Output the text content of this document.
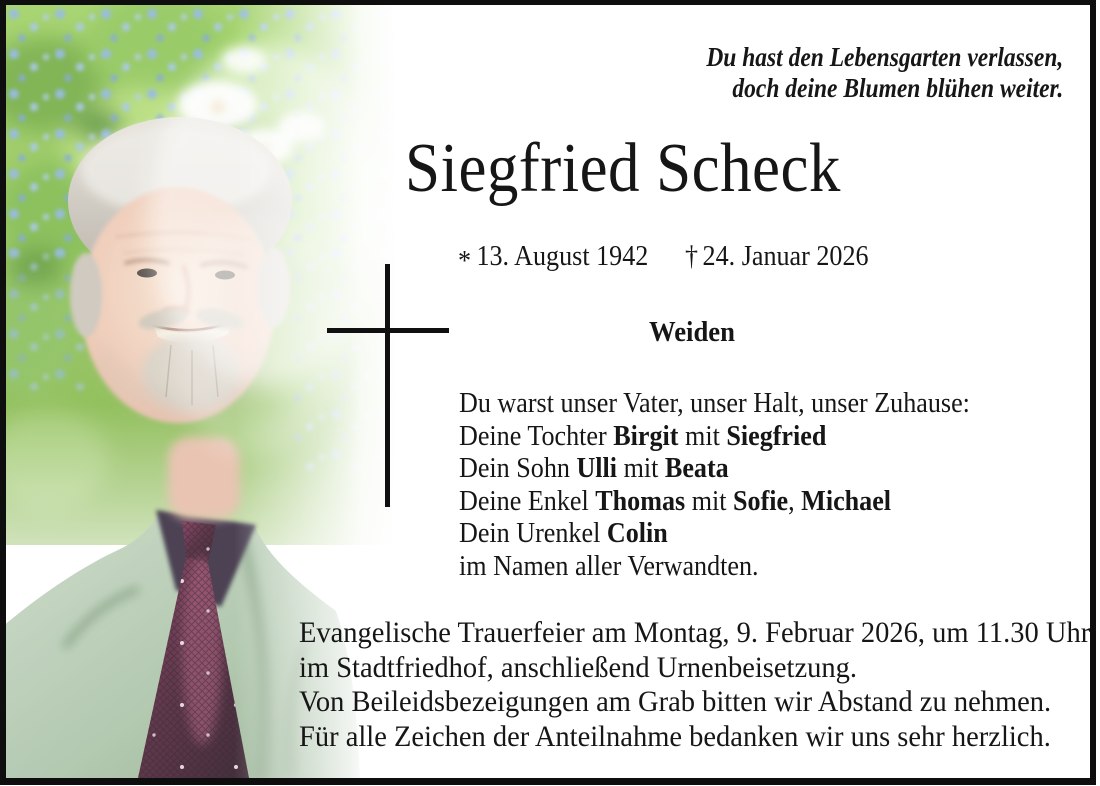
Du hast den Lebensgarten verlassen,
doch deine Blumen blühen weiter.
Siegfried Scheck
* 13. August 1942 † 24. Januar 2026
Weiden
Du warst unser Vater, unser Halt, unser Zuhause:
Deine Tochter Birgit mit Siegfried
Dein Sohn Ulli mit Beata
Deine Enkel Thomas mit Sofie, Michael
Dein Urenkel Colin
im Namen aller Verwandten.
Evangelische Trauerfeier am Montag, 9. Februar 2026, um 11.30 Uhr
im Stadtfriedhof, anschließend Urnenbeisetzung.
Von Beileidsbezeigungen am Grab bitten wir Abstand zu nehmen.
Für alle Zeichen der Anteilnahme bedanken wir uns sehr herzlich.
